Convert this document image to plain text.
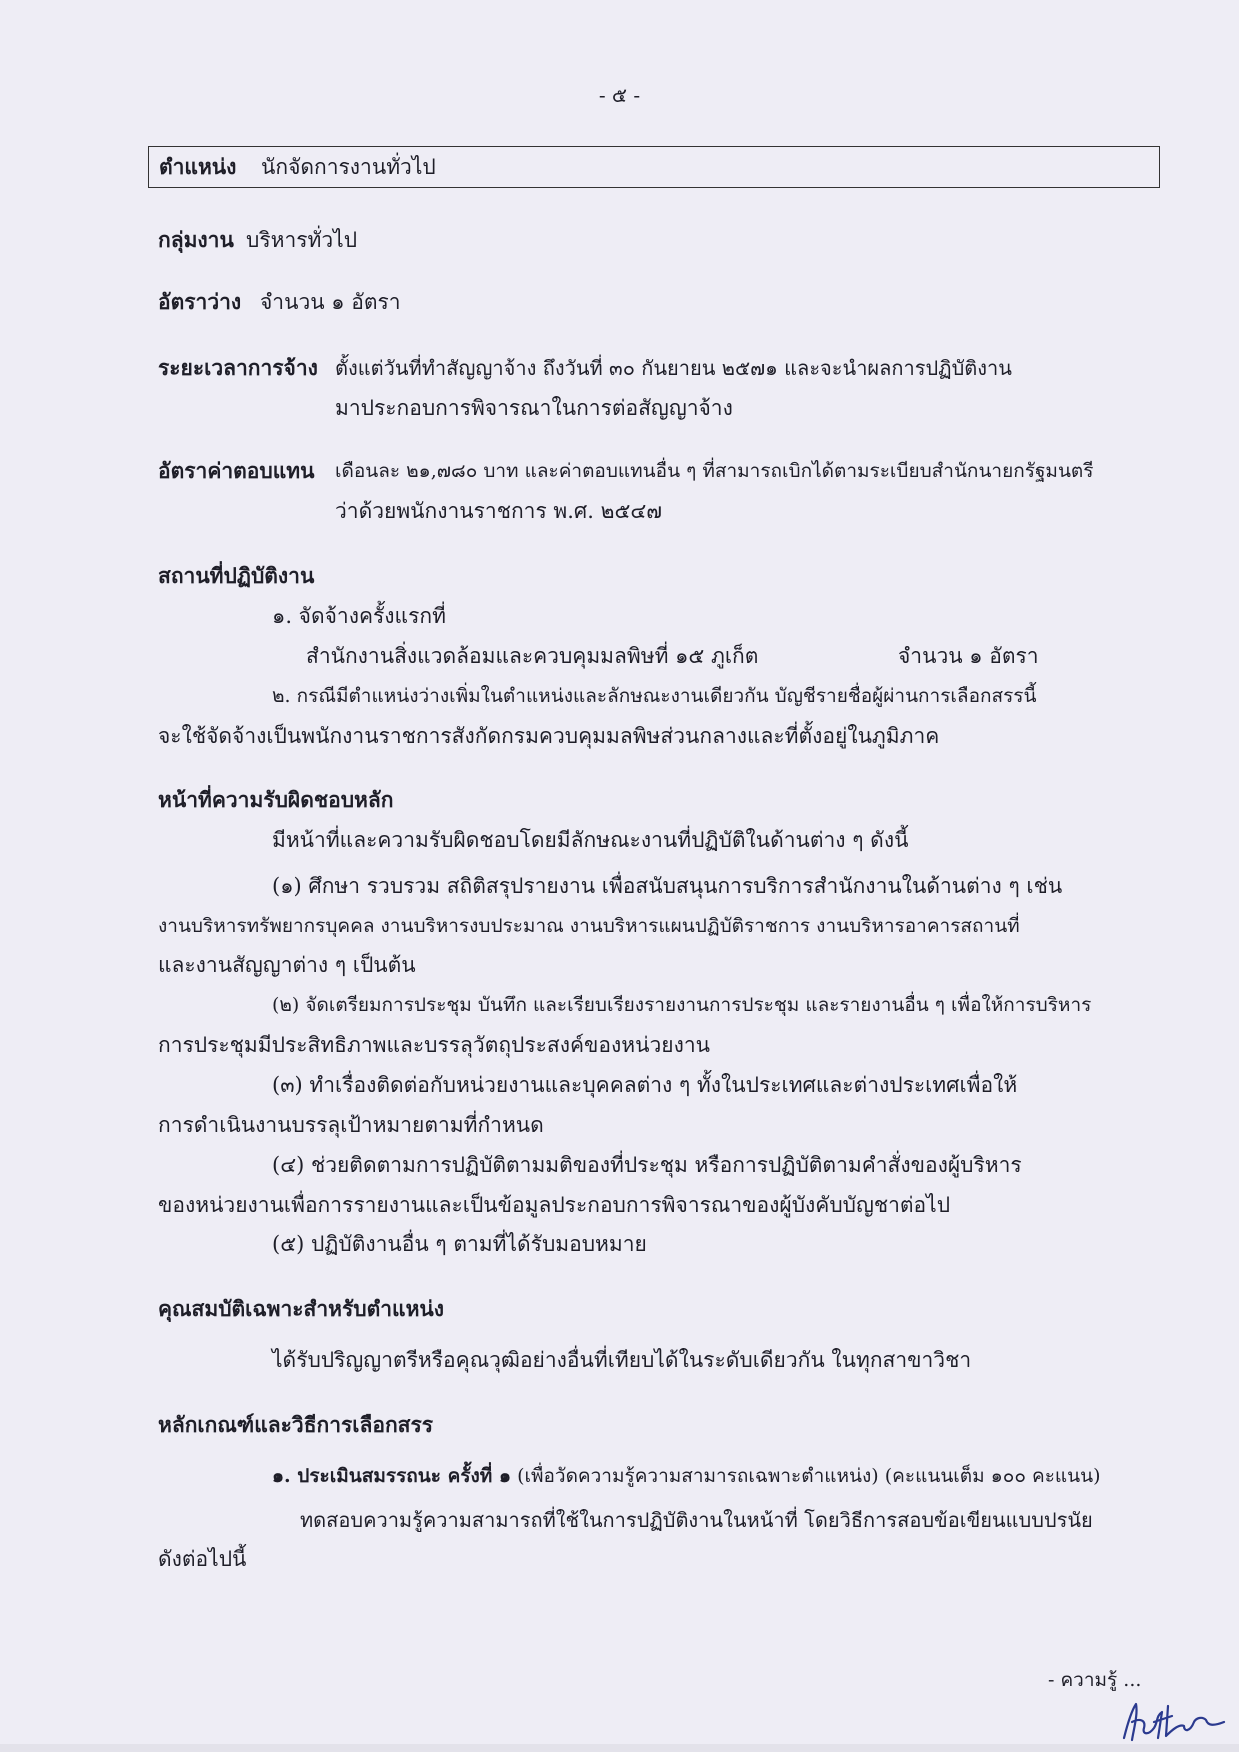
- ๕ -
ตำแหน่ง นักจัดการงานทั่วไป
กลุ่มงาน บริหารทั่วไป
อัตราว่าง จำนวน ๑ อัตรา
ระยะเวลาการจ้าง ตั้งแต่วันที่ทำสัญญาจ้าง ถึงวันที่ ๓๐ กันยายน ๒๕๗๑ และจะนำผลการปฏิบัติงาน
มาประกอบการพิจารณาในการต่อสัญญาจ้าง
อัตราค่าตอบแทน เดือนละ ๒๑,๗๘๐ บาท และค่าตอบแทนอื่น ๆ ที่สามารถเบิกได้ตามระเบียบสำนักนายกรัฐมนตรี
ว่าด้วยพนักงานราชการ พ.ศ. ๒๕๔๗
สถานที่ปฏิบัติงาน
๑. จัดจ้างครั้งแรกที่
สำนักงานสิ่งแวดล้อมและควบคุมมลพิษที่ ๑๕ ภูเก็ต	จำนวน ๑ อัตรา
๒. กรณีมีตำแหน่งว่างเพิ่มในตำแหน่งและลักษณะงานเดียวกัน บัญชีรายชื่อผู้ผ่านการเลือกสรรนี้
จะใช้จัดจ้างเป็นพนักงานราชการสังกัดกรมควบคุมมลพิษส่วนกลางและที่ตั้งอยู่ในภูมิภาค
หน้าที่ความรับผิดชอบหลัก
มีหน้าที่และความรับผิดชอบโดยมีลักษณะงานที่ปฏิบัติในด้านต่าง ๆ ดังนี้
(๑) ศึกษา รวบรวม สถิติสรุปรายงาน เพื่อสนับสนุนการบริการสำนักงานในด้านต่าง ๆ เช่น
งานบริหารทรัพยากรบุคคล งานบริหารงบประมาณ งานบริหารแผนปฏิบัติราชการ งานบริหารอาคารสถานที่
และงานสัญญาต่าง ๆ เป็นต้น
(๒) จัดเตรียมการประชุม บันทึก และเรียบเรียงรายงานการประชุม และรายงานอื่น ๆ เพื่อให้การบริหาร
การประชุมมีประสิทธิภาพและบรรลุวัตถุประสงค์ของหน่วยงาน
(๓) ทำเรื่องติดต่อกับหน่วยงานและบุคคลต่าง ๆ ทั้งในประเทศและต่างประเทศเพื่อให้
การดำเนินงานบรรลุเป้าหมายตามที่กำหนด
(๔) ช่วยติดตามการปฏิบัติตามมติของที่ประชุม หรือการปฏิบัติตามคำสั่งของผู้บริหาร
ของหน่วยงานเพื่อการรายงานและเป็นข้อมูลประกอบการพิจารณาของผู้บังคับบัญชาต่อไป
(๕) ปฏิบัติงานอื่น ๆ ตามที่ได้รับมอบหมาย
คุณสมบัติเฉพาะสำหรับตำแหน่ง
ได้รับปริญญาตรีหรือคุณวุฒิอย่างอื่นที่เทียบได้ในระดับเดียวกัน ในทุกสาขาวิชา
หลักเกณฑ์และวิธีการเลือกสรร
๑. ประเมินสมรรถนะ ครั้งที่ ๑ (เพื่อวัดความรู้ความสามารถเฉพาะตำแหน่ง) (คะแนนเต็ม ๑๐๐ คะแนน)
ทดสอบความรู้ความสามารถที่ใช้ในการปฏิบัติงานในหน้าที่ โดยวิธีการสอบข้อเขียนแบบปรนัย
ดังต่อไปนี้
- ความรู้ ...
